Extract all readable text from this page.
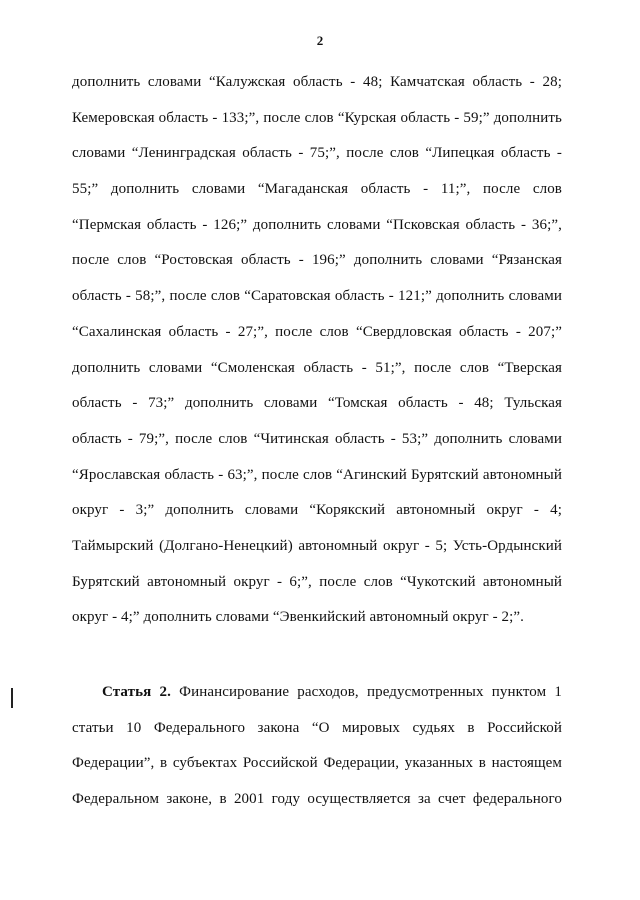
2
дополнить словами “Калужская область - 48; Камчатская область - 28;
Кемеровская область - 133;”, после слов “Курская область - 59;” дополнить
словами “Ленинградская область - 75;”, после слов “Липецкая область -
55;” дополнить словами “Магаданская область - 11;”, после слов
“Пермская область - 126;” дополнить словами “Псковская область - 36;”,
после слов “Ростовская область - 196;” дополнить словами “Рязанская
область - 58;”, после слов “Саратовская область - 121;” дополнить словами
“Сахалинская область - 27;”, после слов “Свердловская область - 207;”
дополнить словами “Смоленская область - 51;”, после слов “Тверская
область - 73;” дополнить словами “Томская область - 48; Тульская
область - 79;”, после слов “Читинская область - 53;” дополнить словами
“Ярославская область - 63;”, после слов “Агинский Бурятский автономный
округ - 3;” дополнить словами “Корякский автономный округ - 4;
Таймырский (Долгано-Ненецкий) автономный округ - 5; Усть-Ордынский
Бурятский автономный округ - 6;”, после слов “Чукотский автономный
округ - 4;” дополнить словами “Эвенкийский автономный округ - 2;”.
Статья 2. Финансирование расходов, предусмотренных пунктом 1
статьи 10 Федерального закона “О мировых судьях в Российской
Федерации”, в субъектах Российской Федерации, указанных в настоящем
Федеральном законе, в 2001 году осуществляется за счет федерального
